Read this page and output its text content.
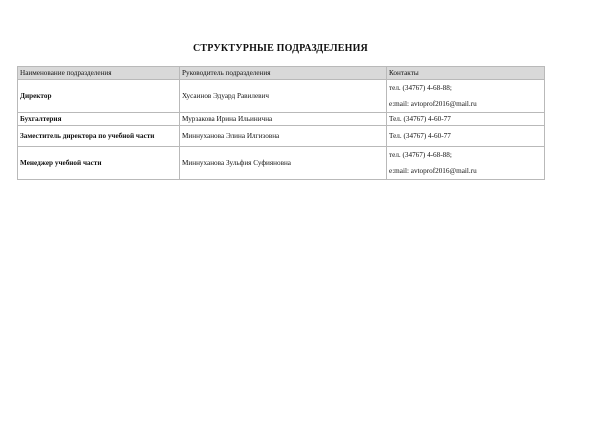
СТРУКТУРНЫЕ ПОДРАЗДЕЛЕНИЯ
Наименование подразделения	Руководитель подразделения	Контакты
Директор	Хусаинов Эдуард Равилевич	тел. (34767) 4-68-88;
e:mail: avtoprof2016@mail.ru

Бухгалтерия	Мурзакова Ирина Ильинична	Тел. (34767) 4-60-77

Заместитель директора по учебной части	Миннуханова Элина Илгизовна	Тел. (34767) 4-60-77

Менеджер учебной части	Миннуханова Зульфия Суфияновна	тел. (34767) 4-68-88;
e:mail: avtoprof2016@mail.ru
